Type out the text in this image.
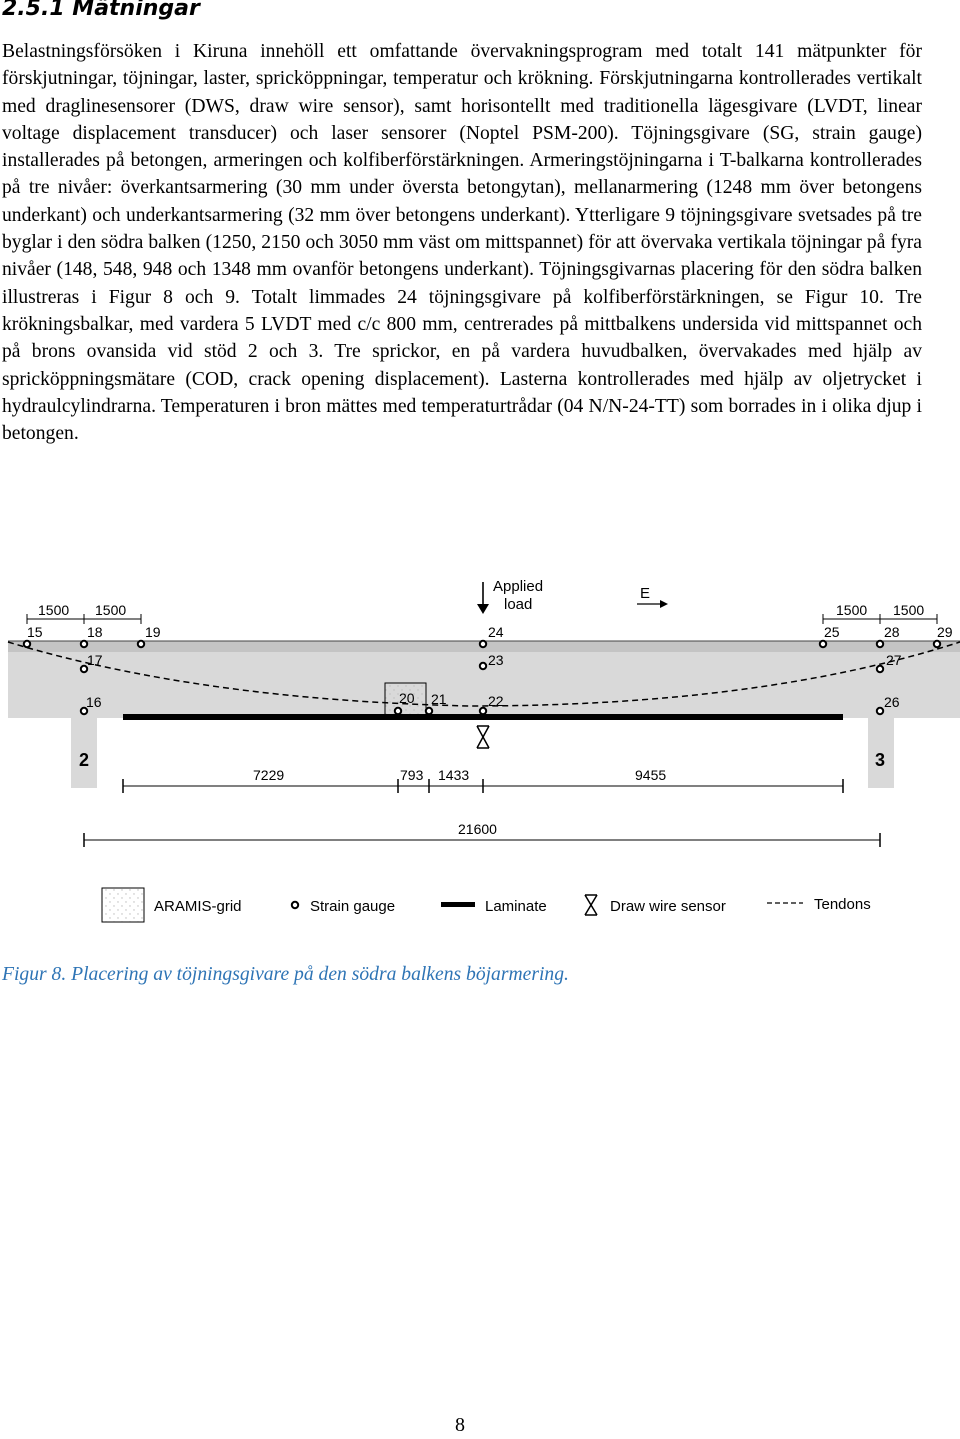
2.5.1 Mätningar

Belastningsförsöken i Kiruna innehöll ett omfattande övervakningsprogram med totalt 141 mätpunkter för förskjutningar, töjningar, laster, spricköppningar, temperatur och krökning. Förskjutningarna kontrollerades vertikalt med draglinesensorer (DWS, draw wire sensor), samt horisontellt med traditionella lägesgivare (LVDT, linear voltage displacement transducer) och laser sensorer (Noptel PSM-200). Töjningsgivare (SG, strain gauge) installerades på betongen, armeringen och kolfiberförstärkningen. Armeringstöjningarna i T-balkarna kontrollerades på tre nivåer: överkantsarmering (30 mm under översta betongytan), mellanarmering (1248 mm över betongens underkant) och underkantsarmering (32 mm över betongens underkant). Ytterligare 9 töjningsgivare svetsades på tre byglar i den södra balken (1250, 2150 och 3050 mm väst om mittspannet) för att övervaka vertikala töjningar på fyra nivåer (148, 548, 948 och 1348 mm ovanför betongens underkant). Töjningsgivarnas placering för den södra balken illustreras i Figur 8 och 9. Totalt limmades 24 töjningsgivare på kolfiberförstärkningen, se Figur 10. Tre krökningsbalkar, med vardera 5 LVDT med c/c 800 mm, centrerades på mittbalkens undersida vid mittspannet och på brons ovansida vid stöd 2 och 3. Tre sprickor, en på vardera huvudbalken, övervakades med hjälp av spricköppningsmätare (COD, crack opening displacement). Lasterna kontrollerades med hjälp av oljetrycket i hydraulcylindrarna. Temperaturen i bron mättes med temperaturtrådar (04 N/N-24-TT) som borrades in i olika djup i betongen.

2	3
Applied
load
E
1500 1500	1500 1500
15	18	19	24	25	28	29
17	23	27
16	20 21	22	26
7229	793 1433	9455
21600
ARAMIS-grid	Strain gauge	Laminate	Draw wire sensor	Tendons

Figur 8. Placering av töjningsgivare på den södra balkens böjarmering.

8
